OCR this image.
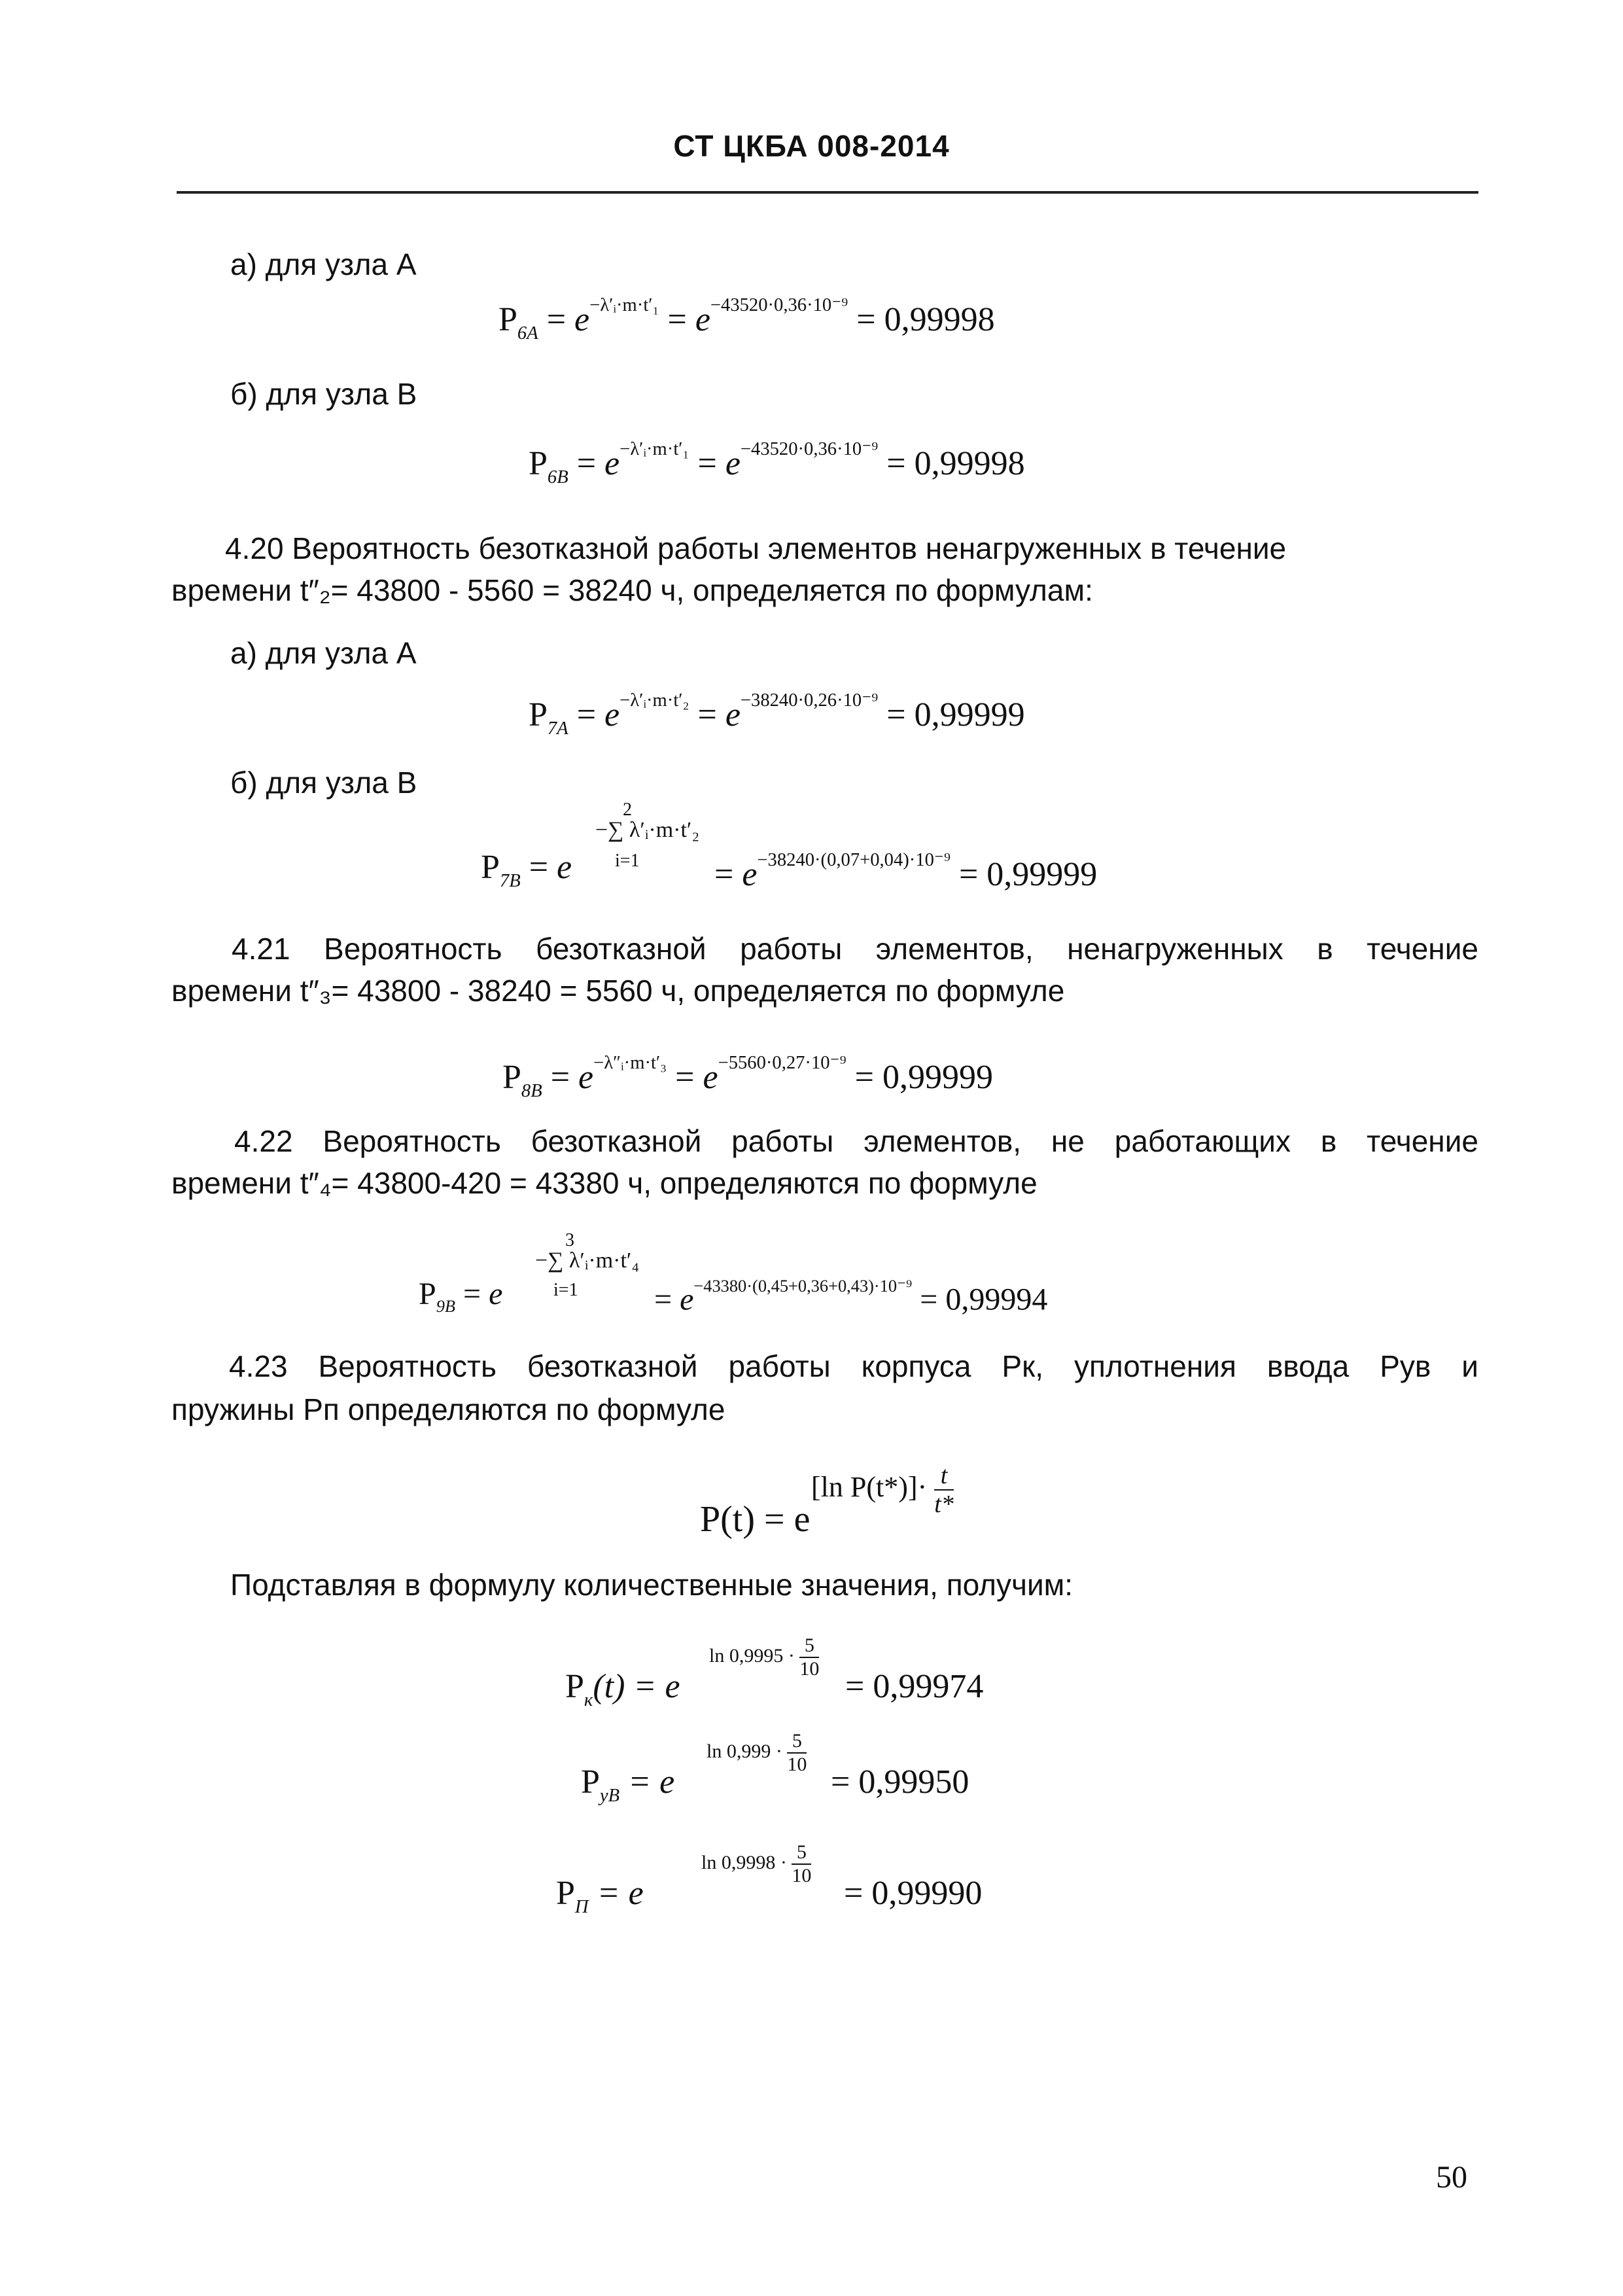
СТ ЦКБА 008-2014
а) для узла А
$P_{6A} = e^{-\lambda'ᵢ\cdot m\cdot t'_1} = e^{-43520\cdot 0,36\cdot 10^{-9}} = 0,99998$
б) для узла В
$P_{6B} = e^{-\lambda'ᵢ\cdot m\cdot t'_1} = e^{-43520\cdot 0,36\cdot 10^{-9}} = 0,99998$
4.20 Вероятность безотказной работы элементов ненагруженных в течение
времени t″₂= 43800 - 5560 = 38240 ч, определяется по формулам:
а) для узла А
$P_{7A} = e^{-\lambda'ᵢ\cdot m\cdot t'_2} = e^{-38240\cdot 0,26\cdot 10^{-9}} = 0,99999$
б) для узла В
2
−∑ λ′ᵢ·m·t′₂
i=1
$P_{7B} = e$	= $e^{-38240\cdot(0,07+0,04)\cdot 10^{-9}} = 0,99999$
4.21 Вероятность безотказной работы элементов, ненагруженных в течение
времени t″₃= 43800 - 38240 = 5560 ч, определяется по формуле
$P_{8B} = e^{-\lambda''ᵢ\cdot m\cdot t'_3} = e^{-5560\cdot 0,27\cdot 10^{-9}} = 0,99999$
4.22 Вероятность безотказной работы элементов, не работающих в течение
времени t″₄= 43800-420 = 43380 ч, определяются по формуле
3
−∑ λ′ᵢ·m·t′₄
i=1
$P_{9B} = e$	= $e^{-43380\cdot(0,45+0,36+0,43)\cdot 10^{-9}} = 0,99994$
4.23 Вероятность безотказной работы корпуса Рк, уплотнения ввода Рув и
пружины Рп определяются по формуле
[ln $P(t*)]\cdot \frac{t}{t*}$
P(t) = e
Подставляя в формулу количественные значения, получим:
$\ln 0,9995 \cdot \frac{5}{10}$
$P_к(t) = e$	= 0,99974
$\ln 0,999 \cdot \frac{5}{10}$
$P_{уВ} = e$	= 0,99950
$\ln 0,9998 \cdot \frac{5}{10}$
$P_П = e$	= 0,99990
50
